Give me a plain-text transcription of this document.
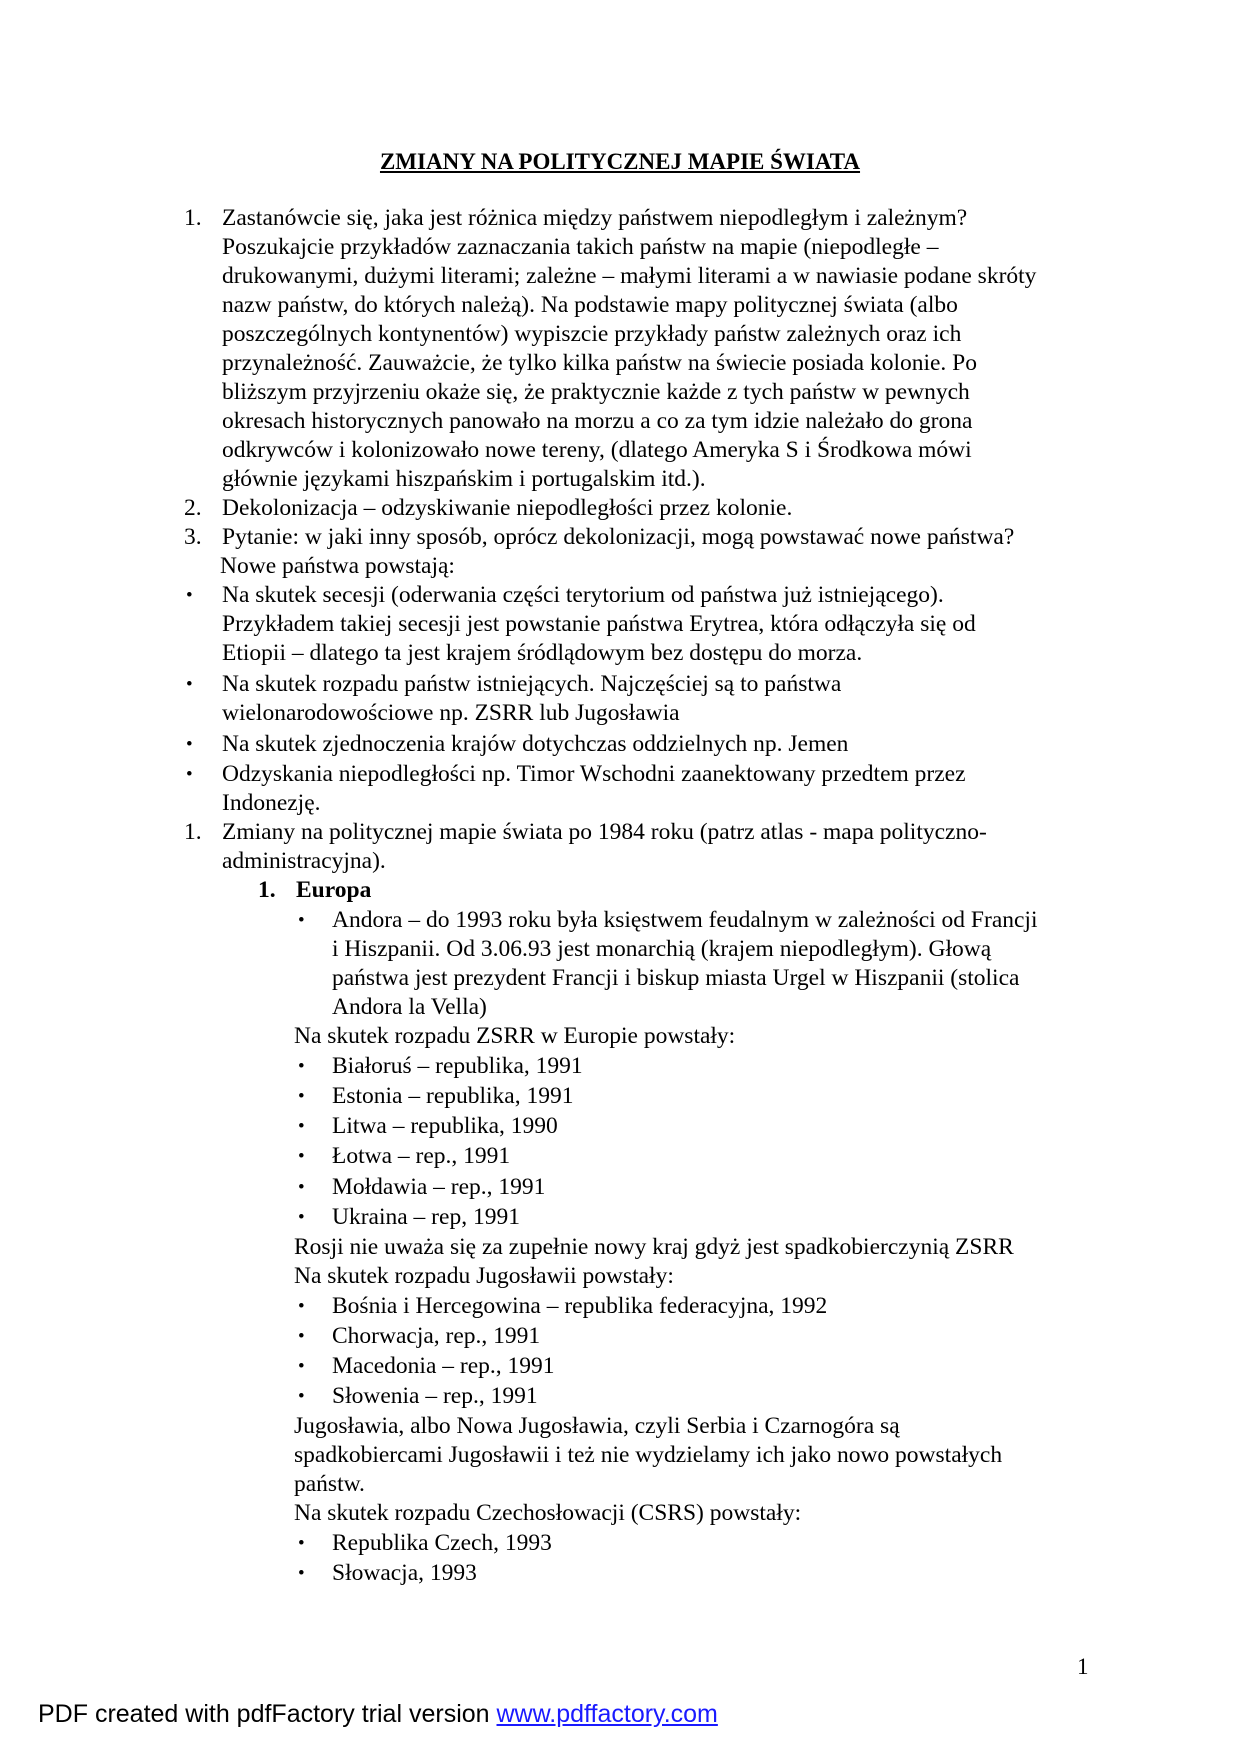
ZMIANY NA POLITYCZNEJ MAPIE ŚWIATA
1. Zastanówcie się, jaka jest różnica między państwem niepodległym i zależnym?
Poszukajcie przykładów zaznaczania takich państw na mapie (niepodległe –
drukowanymi, dużymi literami; zależne – małymi literami a w nawiasie podane skróty
nazw państw, do których należą). Na podstawie mapy politycznej świata (albo
poszczególnych kontynentów) wypiszcie przykłady państw zależnych oraz ich
przynależność. Zauważcie, że tylko kilka państw na świecie posiada kolonie. Po
bliższym przyjrzeniu okaże się, że praktycznie każde z tych państw w pewnych
okresach historycznych panowało na morzu a co za tym idzie należało do grona
odkrywców i kolonizowało nowe tereny, (dlatego Ameryka S i Środkowa mówi
głównie językami hiszpańskim i portugalskim itd.).
2. Dekolonizacja – odzyskiwanie niepodległości przez kolonie.
3. Pytanie: w jaki inny sposób, oprócz dekolonizacji, mogą powstawać nowe państwa?
Nowe państwa powstają:
• Na skutek secesji (oderwania części terytorium od państwa już istniejącego).
Przykładem takiej secesji jest powstanie państwa Erytrea, która odłączyła się od
Etiopii – dlatego ta jest krajem śródlądowym bez dostępu do morza.
• Na skutek rozpadu państw istniejących. Najczęściej są to państwa
wielonarodowościowe np. ZSRR lub Jugosławia
• Na skutek zjednoczenia krajów dotychczas oddzielnych np. Jemen
• Odzyskania niepodległości np. Timor Wschodni zaanektowany przedtem przez
Indonezję.
1. Zmiany na politycznej mapie świata po 1984 roku (patrz atlas - mapa polityczno-
administracyjna).
1. Europa
• Andora – do 1993 roku była księstwem feudalnym w zależności od Francji
i Hiszpanii. Od 3.06.93 jest monarchią (krajem niepodległym). Głową
państwa jest prezydent Francji i biskup miasta Urgel w Hiszpanii (stolica
Andora la Vella)
Na skutek rozpadu ZSRR w Europie powstały:
• Białoruś – republika, 1991
• Estonia – republika, 1991
• Litwa – republika, 1990
• Łotwa – rep., 1991
• Mołdawia – rep., 1991
• Ukraina – rep, 1991
Rosji nie uważa się za zupełnie nowy kraj gdyż jest spadkobierczynią ZSRR
Na skutek rozpadu Jugosławii powstały:
• Bośnia i Hercegowina – republika federacyjna, 1992
• Chorwacja, rep., 1991
• Macedonia – rep., 1991
• Słowenia – rep., 1991
Jugosławia, albo Nowa Jugosławia, czyli Serbia i Czarnogóra są
spadkobiercami Jugosławii i też nie wydzielamy ich jako nowo powstałych
państw.
Na skutek rozpadu Czechosłowacji (CSRS) powstały:
• Republika Czech, 1993
• Słowacja, 1993
1
PDF created with pdfFactory trial version www.pdffactory.com
